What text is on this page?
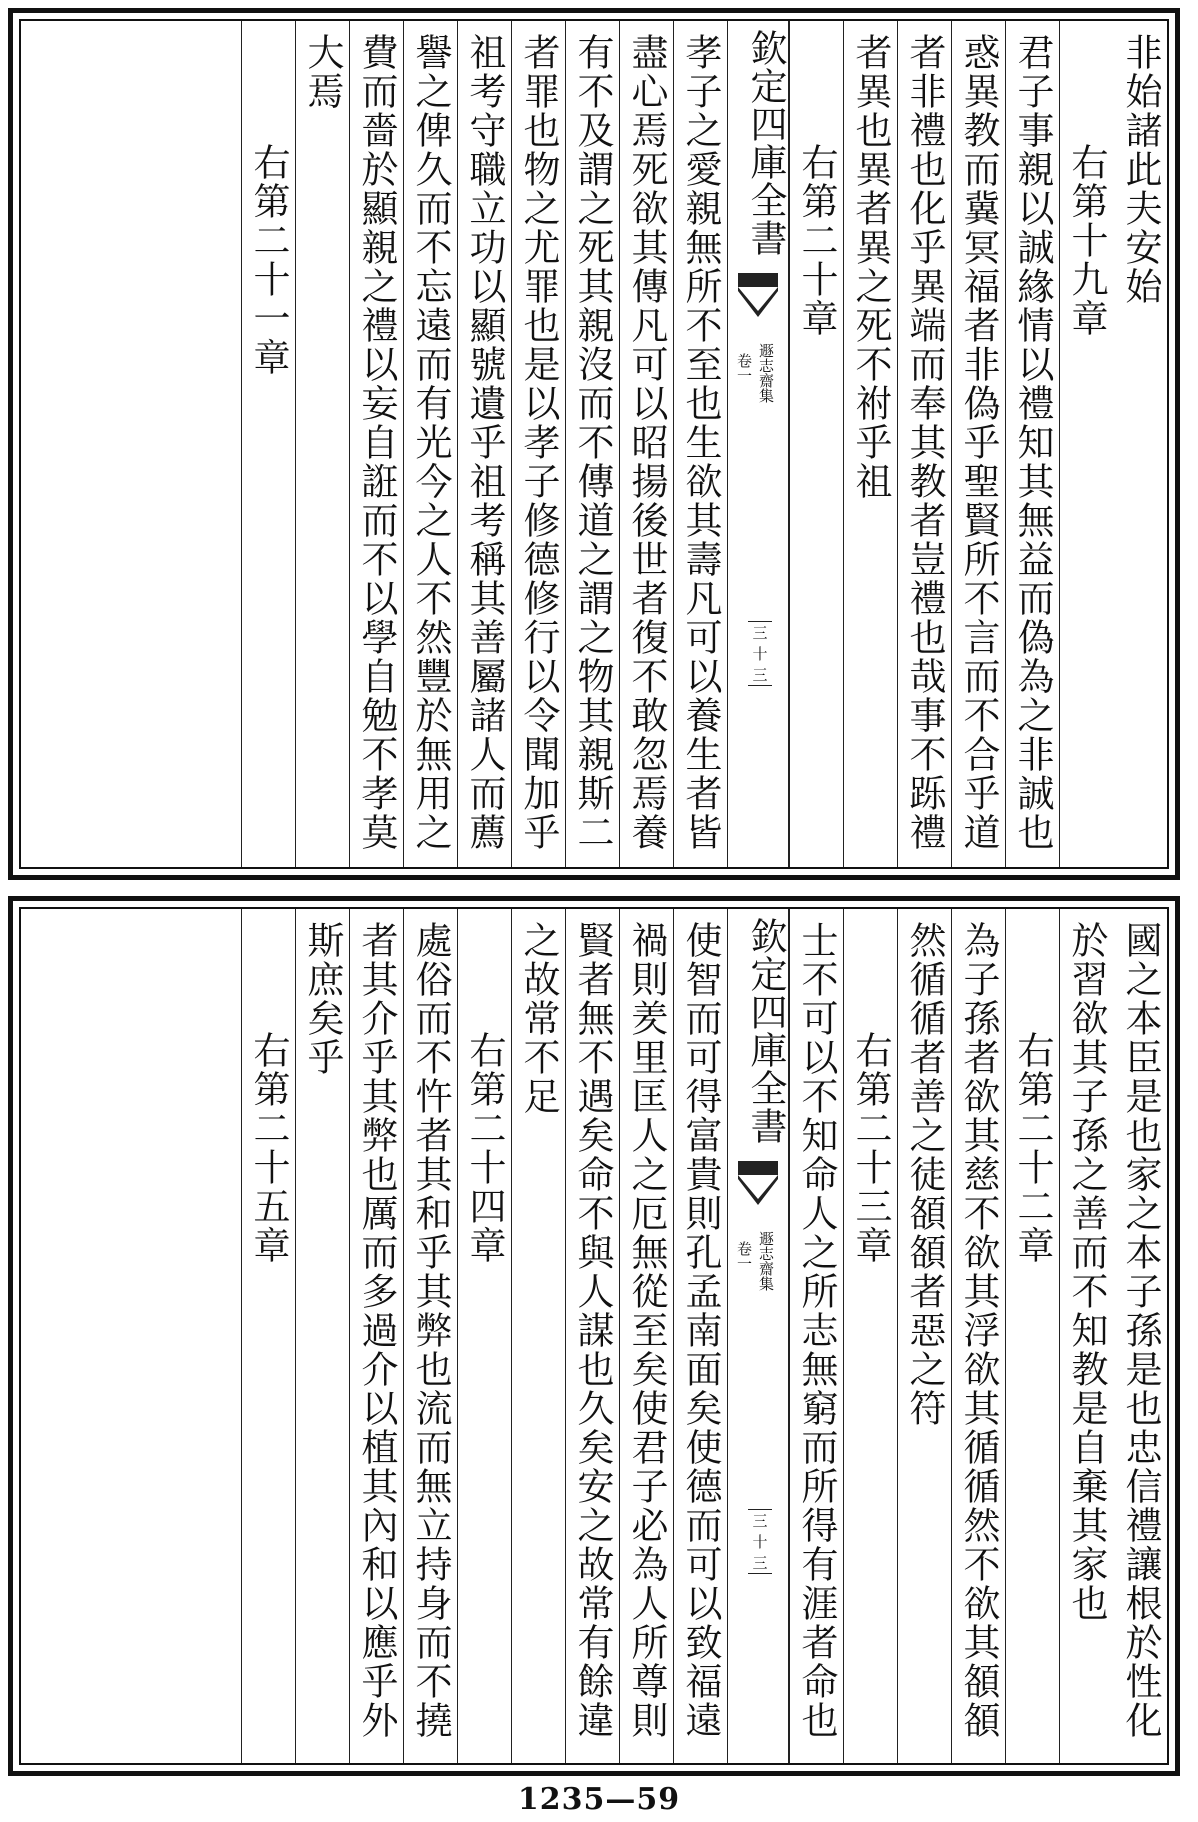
非始諸此夫安始
右第十九章
君子事親以誠緣情以禮知其無益而偽為之非誠也
惑異教而冀冥福者非偽乎聖賢所不言而不合乎道
者非禮也化乎異端而奉其教者豈禮也哉事不跞禮
者異也異者異之死不祔乎祖
右第二十章
欽定四庫全書
遯志齋集
卷一
三十三
孝子之愛親無所不至也生欲其壽凡可以養生者皆
盡心焉死欲其傳凡可以昭揚後世者復不敢忽焉養
有不及謂之死其親沒而不傳道之謂之物其親斯二
者罪也物之尤罪也是以孝子修德修行以令聞加乎
祖考守職立功以顯號遺乎祖考稱其善屬諸人而薦
譽之俾久而不忘遠而有光今之人不然豐於無用之
費而嗇於顯親之禮以妄自誑而不以學自勉不孝莫
大焉
右第二十一章
國之本臣是也家之本子孫是也忠信禮讓根於性化
於習欲其子孫之善而不知教是自棄其家也
右第二十二章
為子孫者欲其慈不欲其浮欲其循循然不欲其頟頟
然循循者善之徒頟頟者惡之符
右第二十三章
士不可以不知命人之所志無窮而所得有涯者命也
欽定四庫全書
遯志齋集
卷一
三十三
使智而可得富貴則孔孟南面矣使德而可以致福遠
禍則羑里匡人之厄無從至矣使君子必為人所尊則
賢者無不遇矣命不與人謀也久矣安之故常有餘違
之故常不足
右第二十四章
處俗而不忤者其和乎其弊也流而無立持身而不撓
者其介乎其弊也厲而多過介以植其內和以應乎外
斯庶矣乎
右第二十五章
1235—59
